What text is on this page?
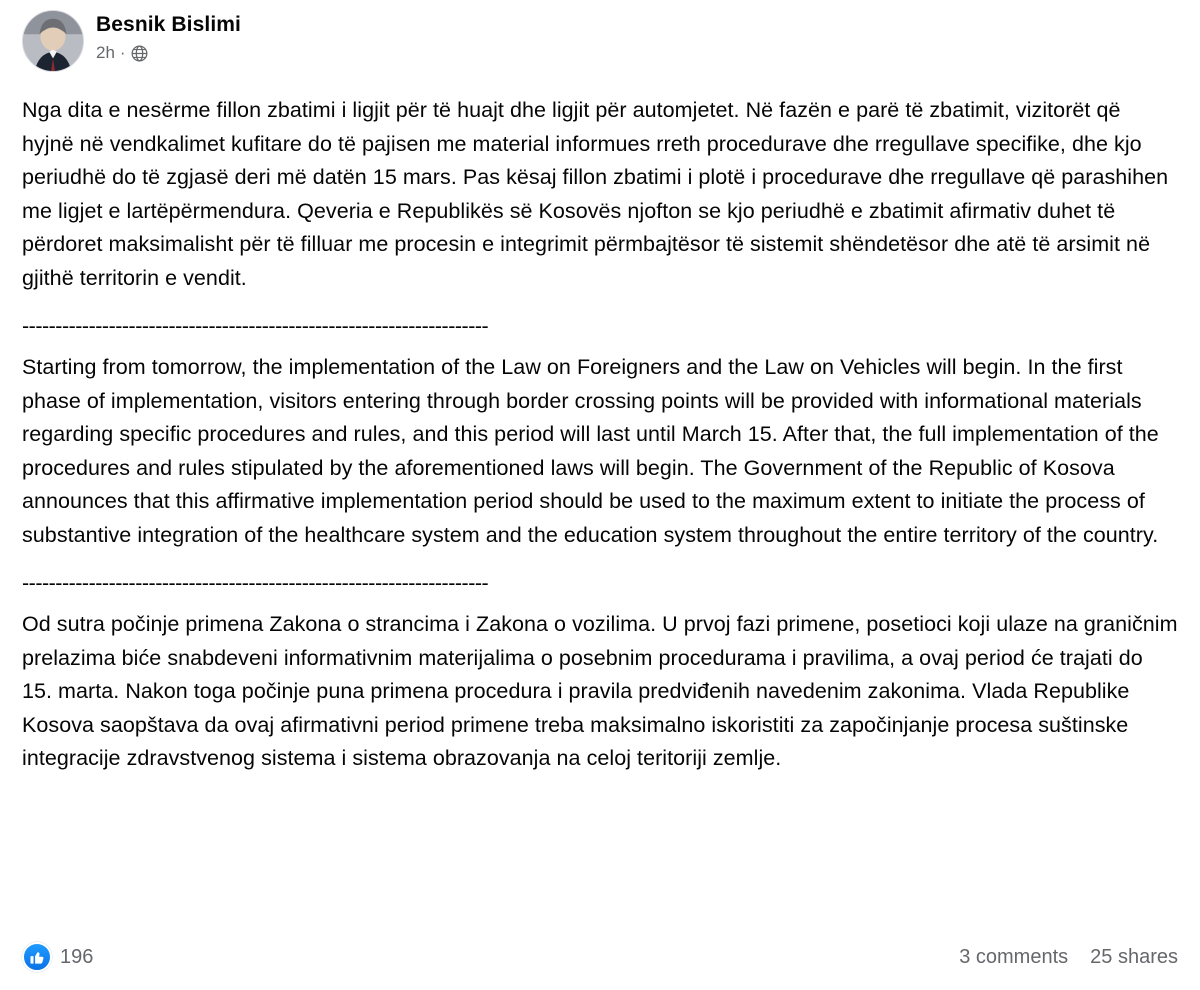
Besnik Bislimi
2h ·

Nga dita e nesërme fillon zbatimi i ligjit për të huajt dhe ligjit për automjetet. Në fazën e parë të zbatimit, vizitorët që hyjnë në vendkalimet kufitare do të pajisen me material informues rreth procedurave dhe rregullave specifike, dhe kjo periudhë do të zgjasë deri më datën 15 mars. Pas kësaj fillon zbatimi i plotë i procedurave dhe rregullave që parashihen me ligjet e lartëpërmendura. Qeveria e Republikës së Kosovës njofton se kjo periudhë e zbatimit afirmativ duhet të përdoret maksimalisht për të filluar me procesin e integrimit përmbajtësor të sistemit shëndetësor dhe atë të arsimit në gjithë territorin e vendit.

----------------------------------------------------------------------

Starting from tomorrow, the implementation of the Law on Foreigners and the Law on Vehicles will begin. In the first phase of implementation, visitors entering through border crossing points will be provided with informational materials regarding specific procedures and rules, and this period will last until March 15. After that, the full implementation of the procedures and rules stipulated by the aforementioned laws will begin. The Government of the Republic of Kosova announces that this affirmative implementation period should be used to the maximum extent to initiate the process of substantive integration of the healthcare system and the education system throughout the entire territory of the country.

----------------------------------------------------------------------

Od sutra počinje primena Zakona o strancima i Zakona o vozilima. U prvoj fazi primene, posetioci koji ulaze na graničnim prelazima biće snabdeveni informativnim materijalima o posebnim procedurama i pravilima, a ovaj period će trajati do 15. marta. Nakon toga počinje puna primena procedura i pravila predviđenih navedenim zakonima. Vlada Republike Kosova saopštava da ovaj afirmativni period primene treba maksimalno iskoristiti za započinjanje procesa suštinske integracije zdravstvenog sistema i sistema obrazovanja na celoj teritoriji zemlje.

196	3 comments 25 shares
